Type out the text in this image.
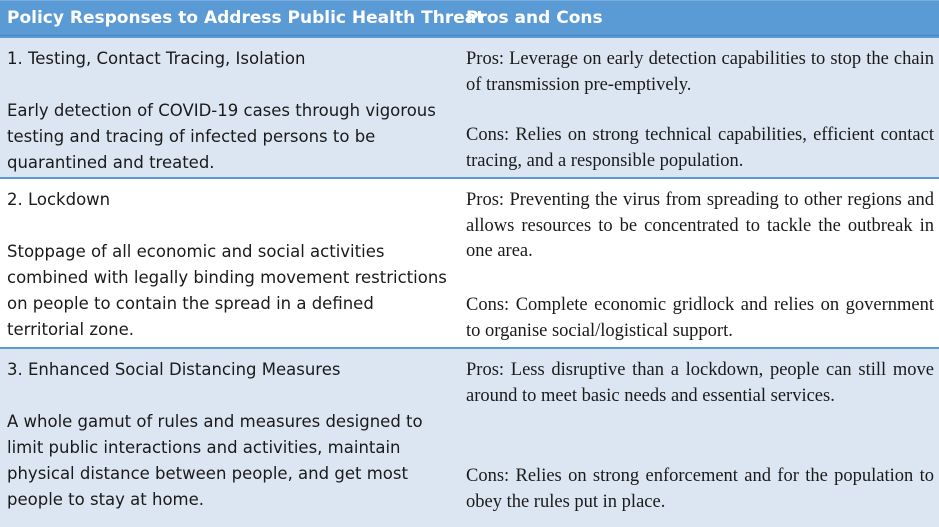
Policy Responses to Address Public Health Threat
Pros and Cons
1. Testing, Contact Tracing, Isolation
Early detection of COVID-19 cases through vigorous testing and tracing of infected persons to be quarantined and treated.
Pros: Leverage on early detection capabilities to stop the chain of transmission pre-emptively.
Cons: Relies on strong technical capabilities, efficient contact tracing, and a responsible population.
2. Lockdown
Stoppage of all economic and social activities combined with legally binding movement restrictions on people to contain the spread in a defined territorial zone.
Pros: Preventing the virus from spreading to other regions and allows resources to be concentrated to tackle the outbreak in one area.
Cons: Complete economic gridlock and relies on government to organise social/logistical support.
3. Enhanced Social Distancing Measures
A whole gamut of rules and measures designed to limit public interactions and activities, maintain physical distance between people, and get most people to stay at home.
Pros: Less disruptive than a lockdown, people can still move around to meet basic needs and essential services.
Cons: Relies on strong enforcement and for the population to obey the rules put in place.
